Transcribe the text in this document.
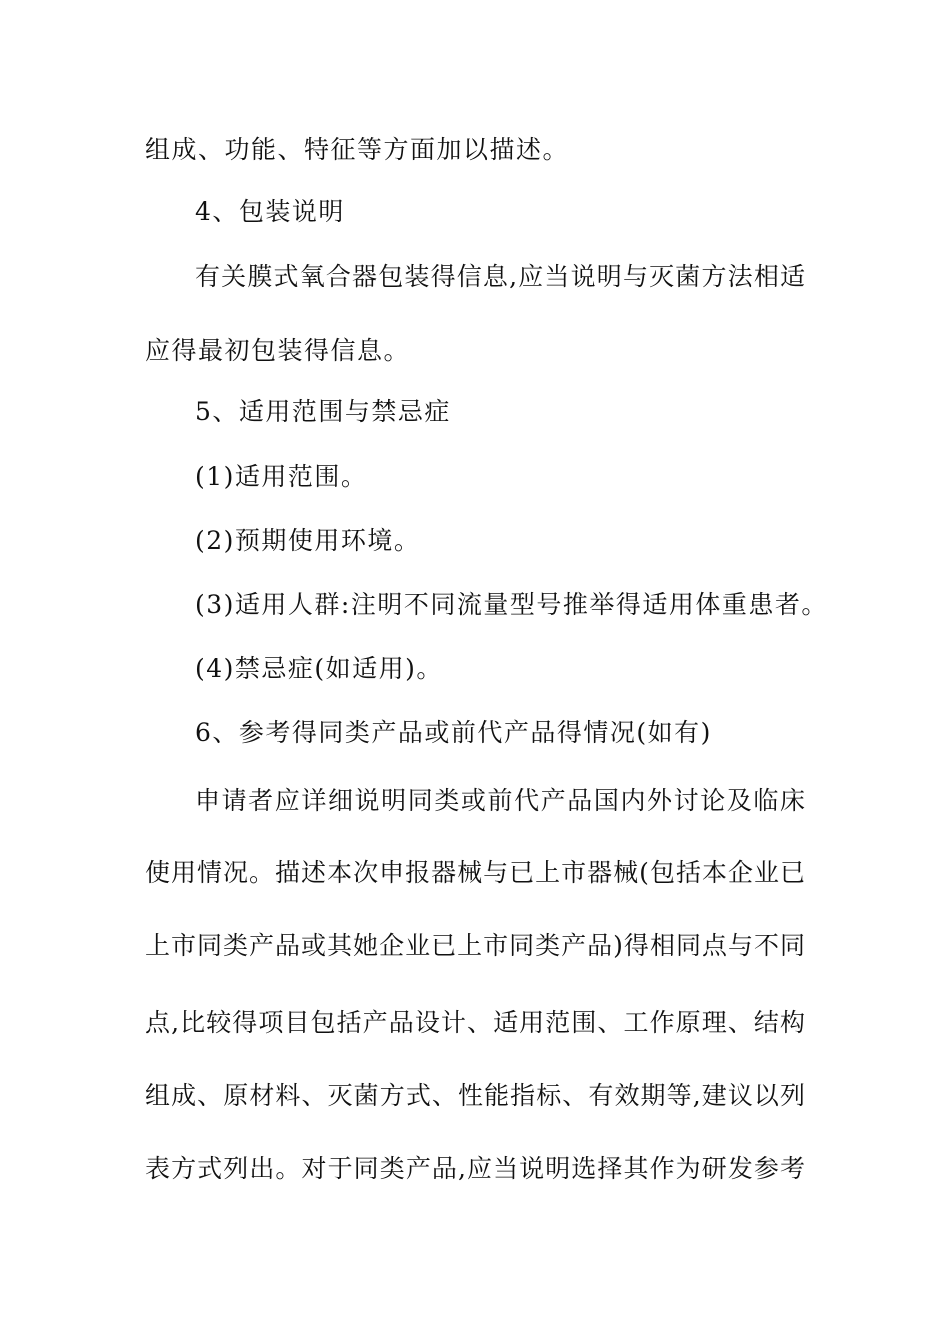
组成、功能、特征等方面加以描述。
4、包装说明
有关膜式氧合器包装得信息,应当说明与灭菌方法相适
应得最初包装得信息。
5、适用范围与禁忌症
(1)适用范围。
(2)预期使用环境。
(3)适用人群:注明不同流量型号推举得适用体重患者。
(4)禁忌症(如适用)。
6、参考得同类产品或前代产品得情况(如有)
申请者应详细说明同类或前代产品国内外讨论及临床
使用情况。描述本次申报器械与已上市器械(包括本企业已
上市同类产品或其她企业已上市同类产品)得相同点与不同
点,比较得项目包括产品设计、适用范围、工作原理、结构
组成、原材料、灭菌方式、性能指标、有效期等,建议以列
表方式列出。对于同类产品,应当说明选择其作为研发参考
